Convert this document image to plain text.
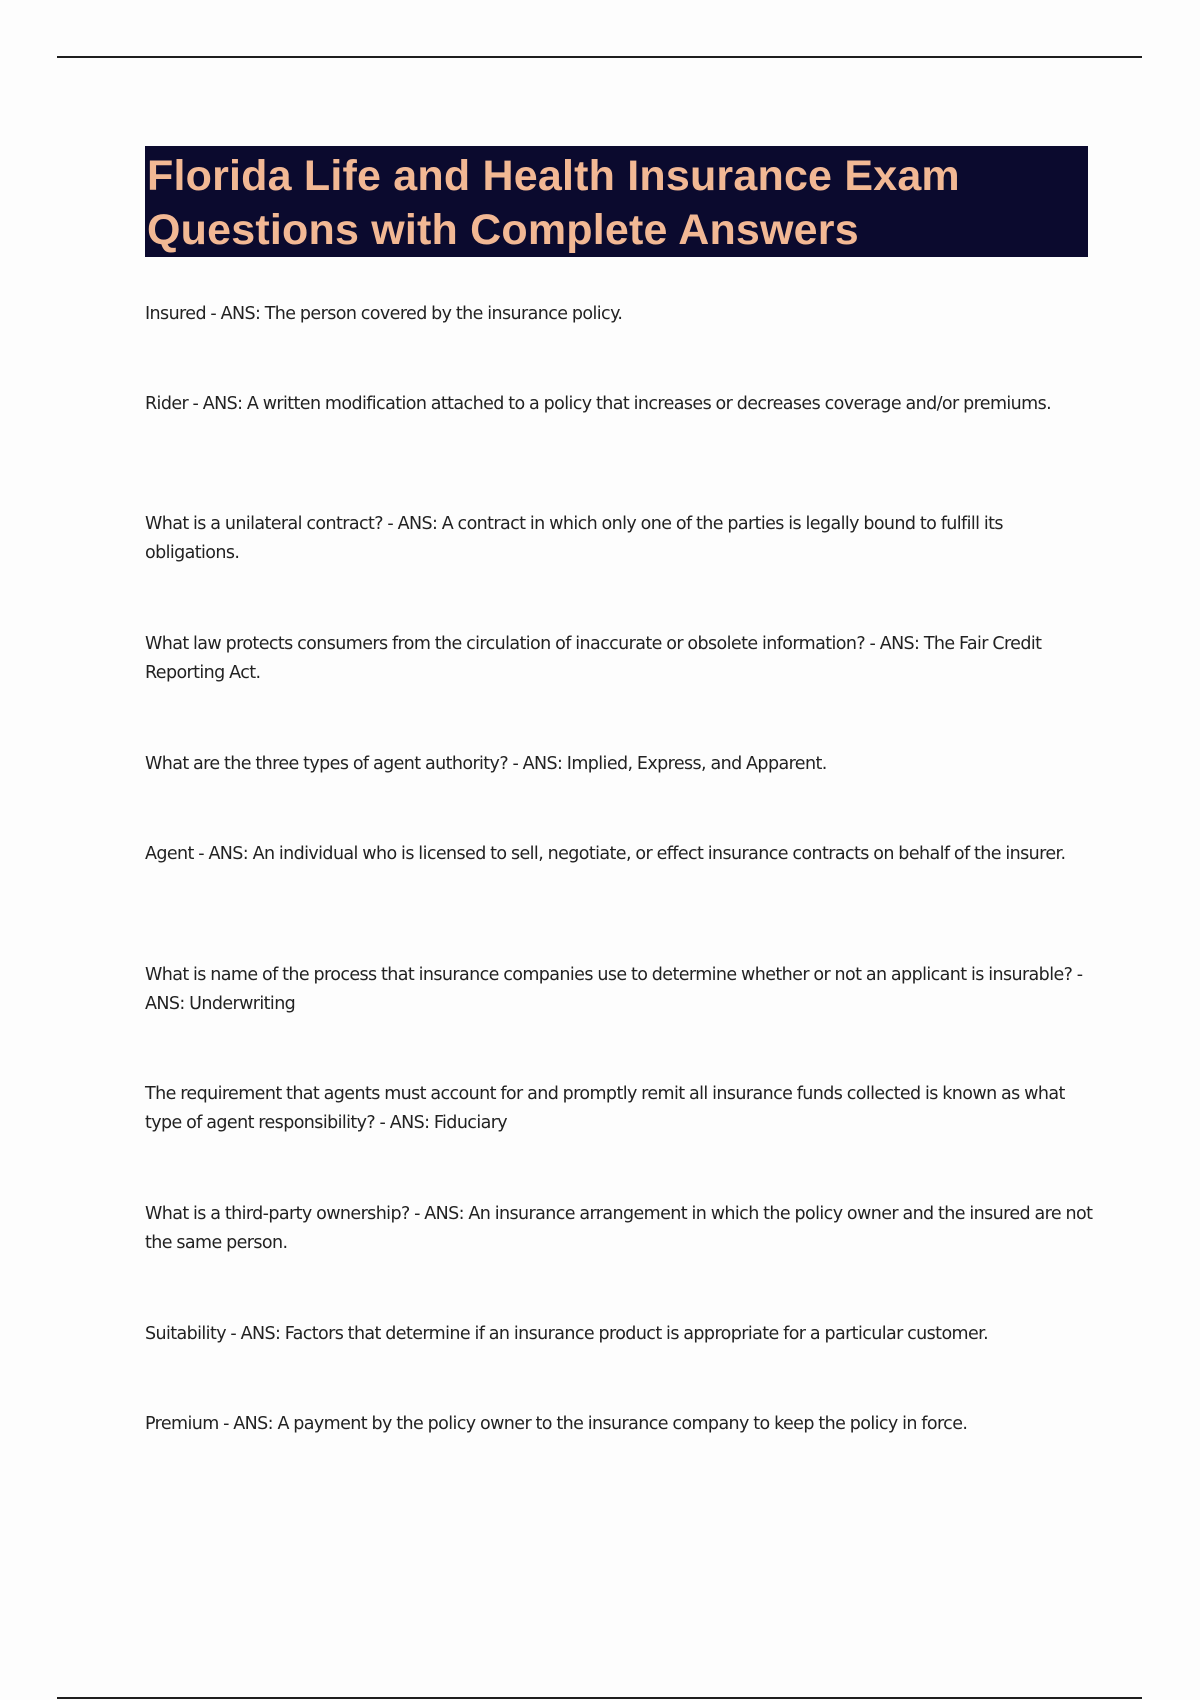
Florida Life and Health Insurance Exam
Questions with Complete Answers

Insured - ANS: The person covered by the insurance policy.

Rider - ANS: A written modification attached to a policy that increases or decreases coverage and/or premiums.

What is a unilateral contract? - ANS: A contract in which only one of the parties is legally bound to fulfill its obligations.

What law protects consumers from the circulation of inaccurate or obsolete information? - ANS: The Fair Credit Reporting Act.

What are the three types of agent authority? - ANS: Implied, Express, and Apparent.

Agent - ANS: An individual who is licensed to sell, negotiate, or effect insurance contracts on behalf of the insurer.

What is name of the process that insurance companies use to determine whether or not an applicant is insurable? - ANS: Underwriting

The requirement that agents must account for and promptly remit all insurance funds collected is known as what type of agent responsibility? - ANS: Fiduciary

What is a third-party ownership? - ANS: An insurance arrangement in which the policy owner and the insured are not the same person.

Suitability - ANS: Factors that determine if an insurance product is appropriate for a particular customer.

Premium - ANS: A payment by the policy owner to the insurance company to keep the policy in force.
